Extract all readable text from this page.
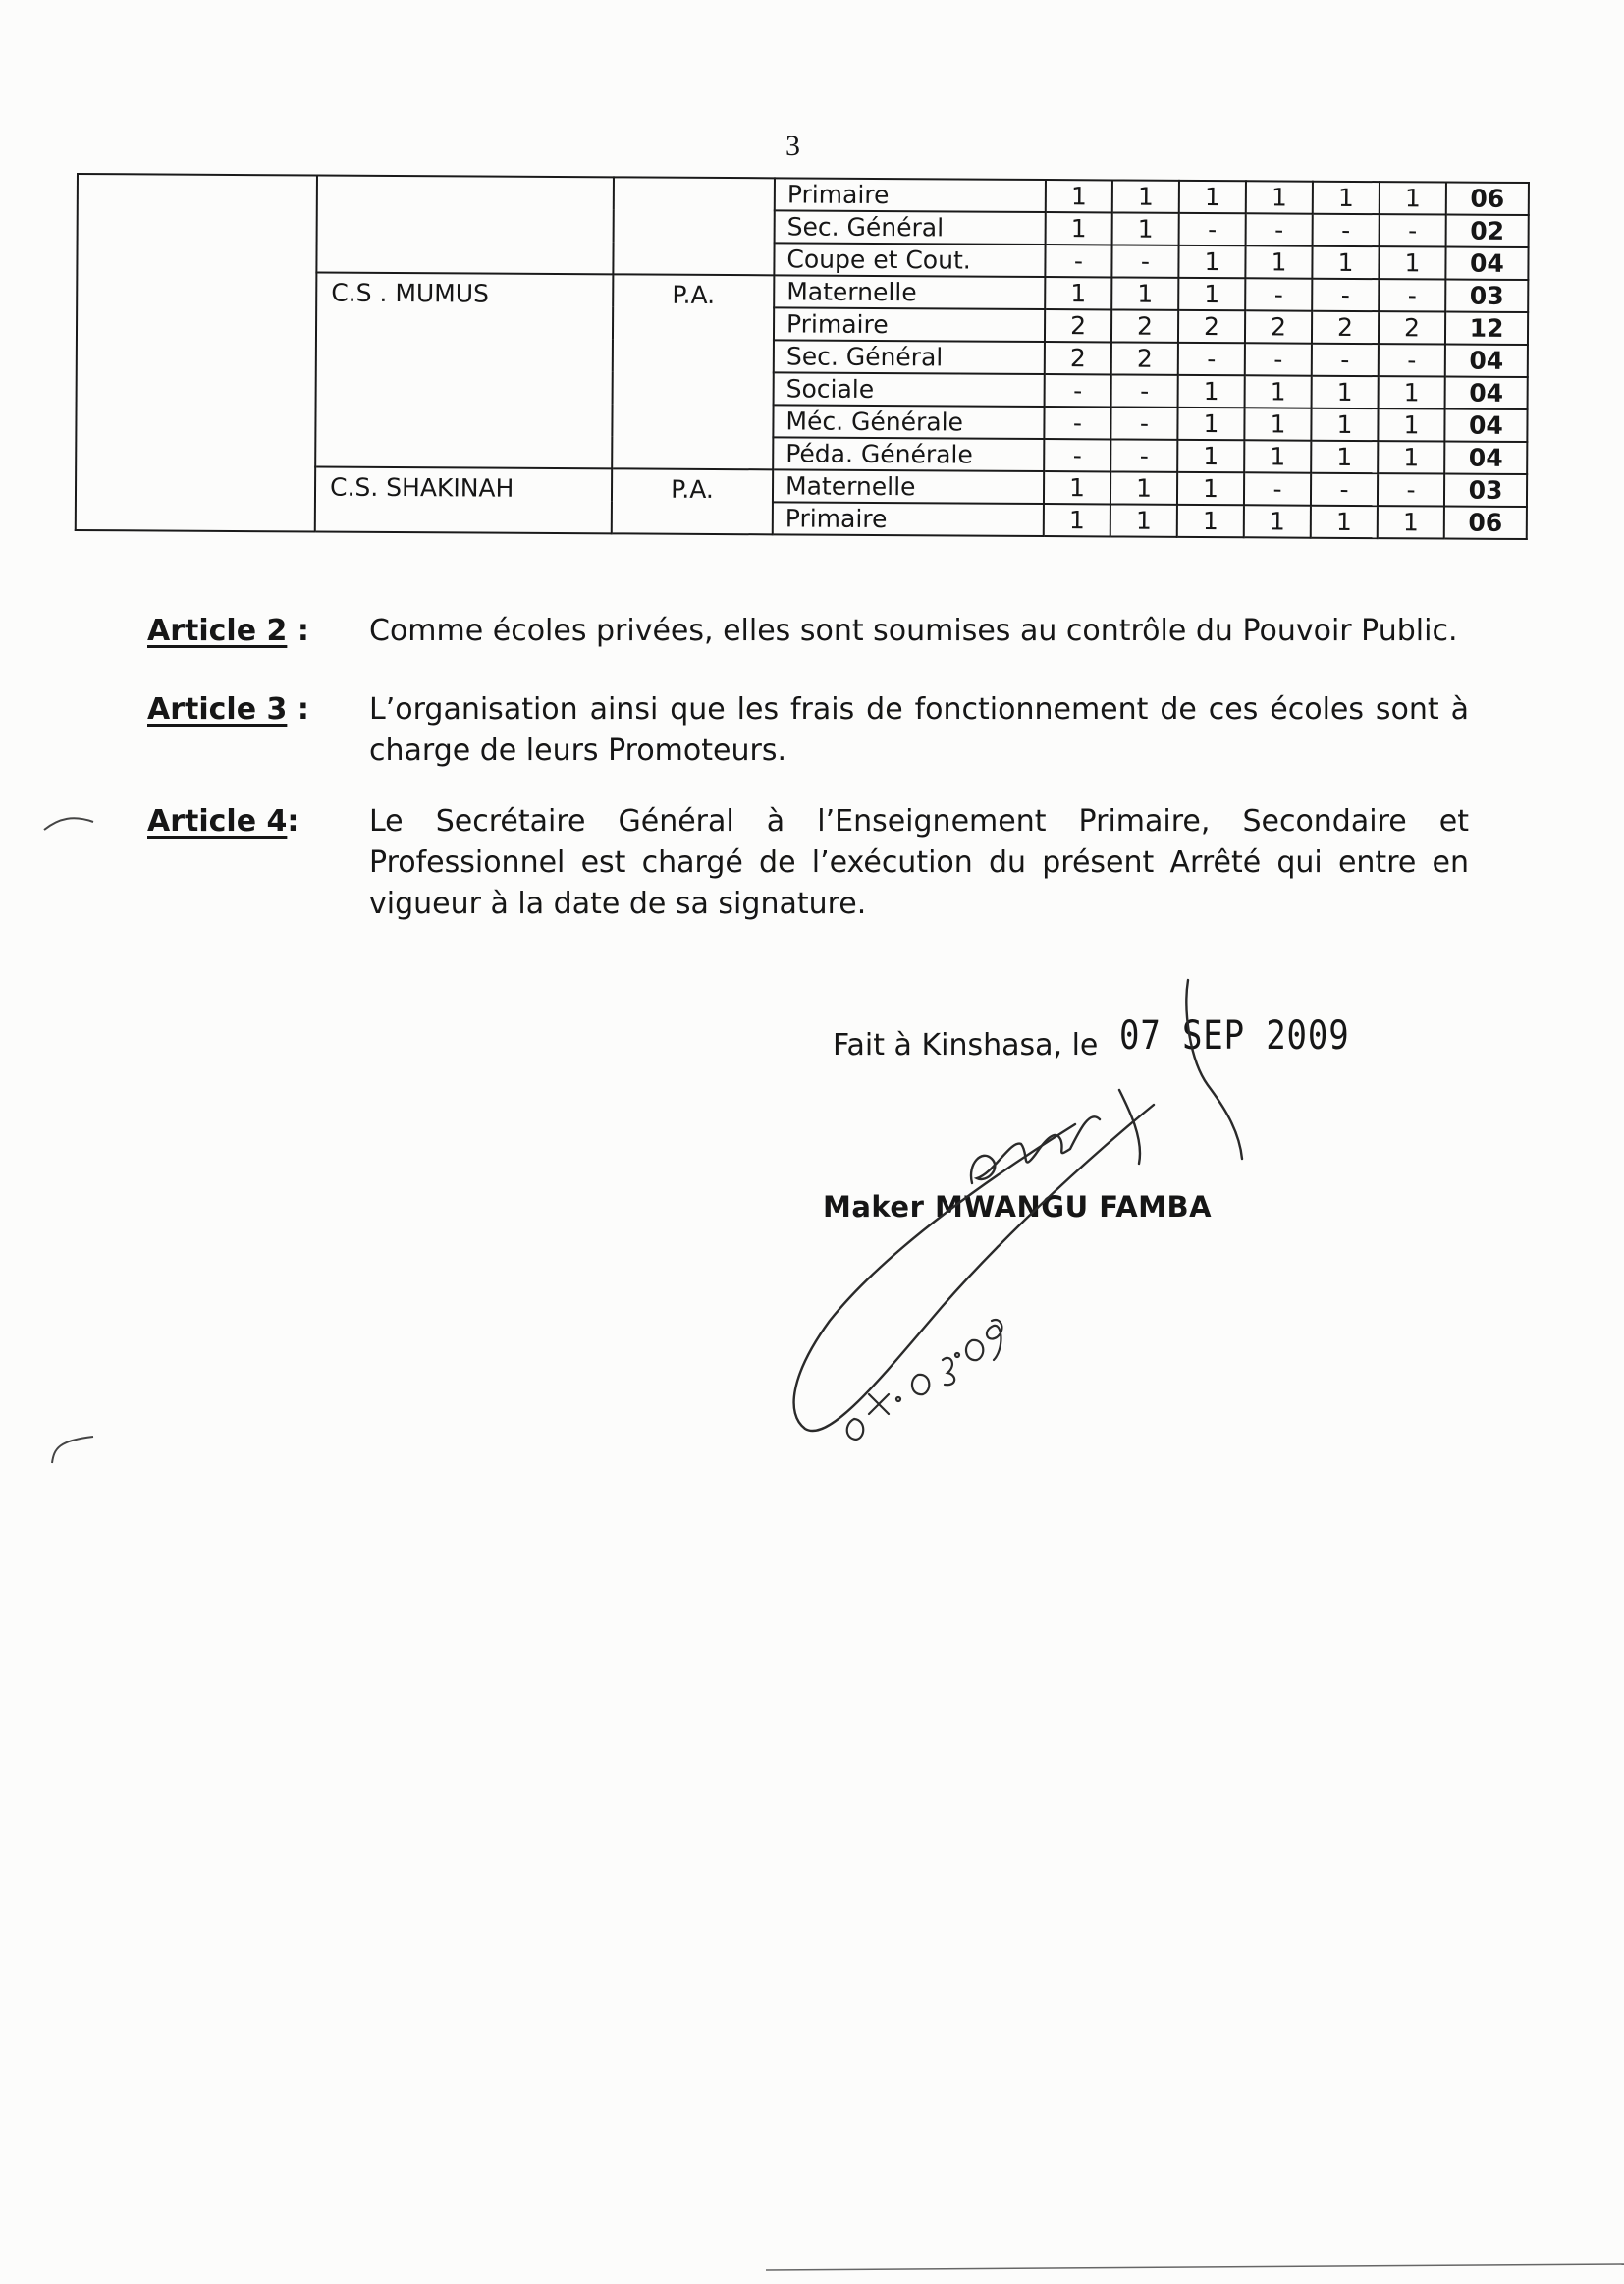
3
			Primaire	1	1	1	1	1	1	06
			Sec. Général	1	1	-	-	-	-	02
			Coupe et Cout.	-	-	1	1	1	1	04
	C.S . MUMUS	P.A.	Maternelle	1	1	1	-	-	-	03
			Primaire	2	2	2	2	2	2	12
			Sec. Général	2	2	-	-	-	-	04
			Sociale	-	-	1	1	1	1	04
			Méc. Générale	-	-	1	1	1	1	04
			Péda. Générale	-	-	1	1	1	1	04
	C.S. SHAKINAH	P.A.	Maternelle	1	1	1	-	-	-	03
			Primaire	1	1	1	1	1	1	06
Article 2 :	Comme écoles privées, elles sont soumises au contrôle du Pouvoir Public.
Article 3 :	L’organisation ainsi que les frais de fonctionnement de ces écoles sont à charge de leurs Promoteurs.
Article 4:	Le Secrétaire Général à l’Enseignement Primaire, Secondaire et Professionnel est chargé de l’exécution du présent Arrêté qui entre en vigueur à la date de sa signature.
Fait à Kinshasa, le 07 SEP 2009
Maker MWANGU FAMBA
